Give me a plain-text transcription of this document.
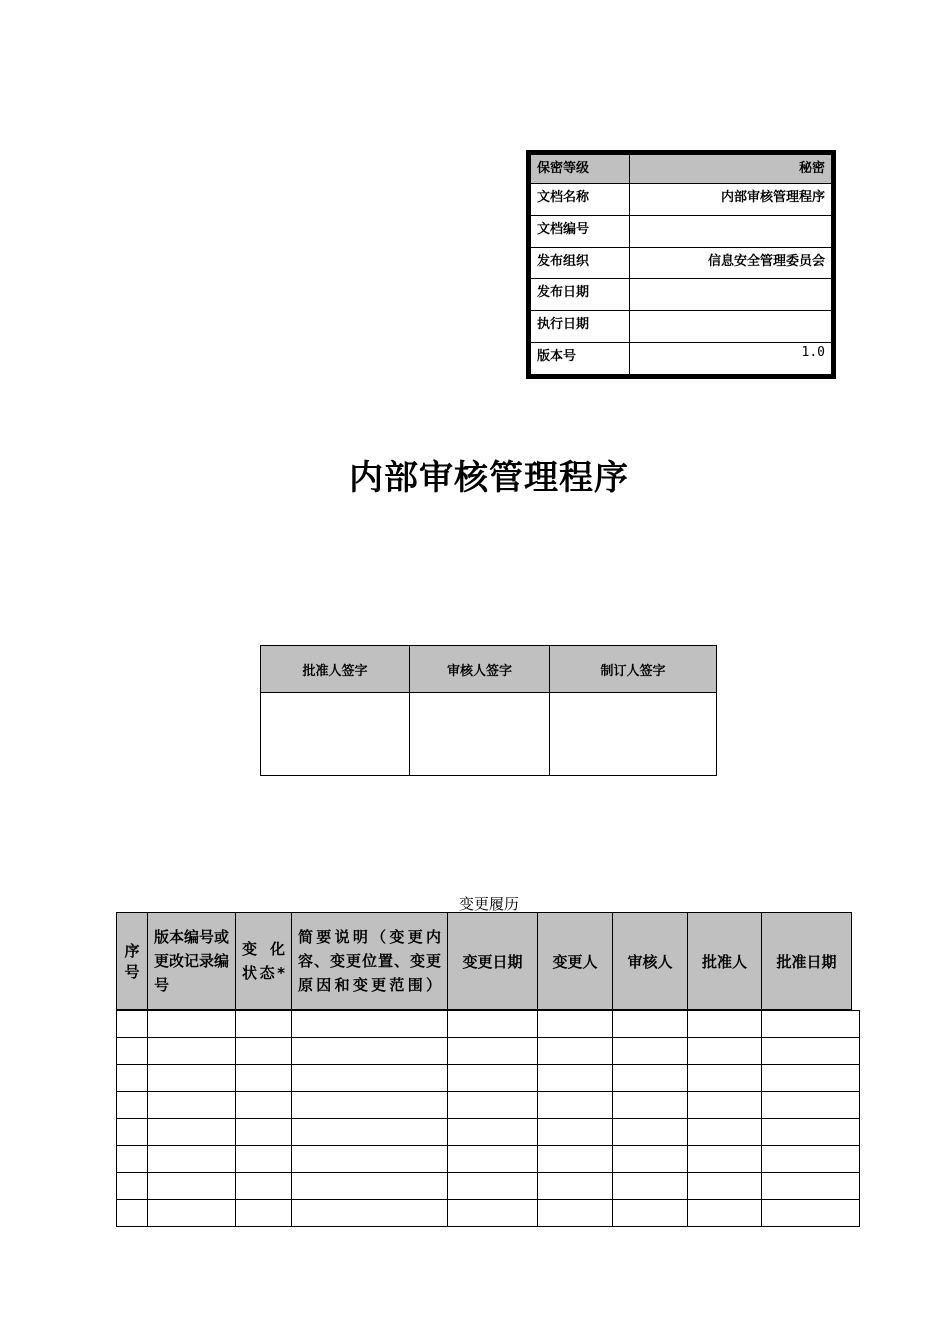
保密等级	秘密
文档名称	内部审核管理程序
文档编号	
发布组织	信息安全管理委员会
发布日期	
执行日期	
版本号	1.0
内部审核管理程序
批准人签字	审核人签字	制订人签字

变更履历
序号	版本编号或更改记录编号	变化状态*	简要说明（变更内容、变更位置、变更原因和变更范围）	变更日期	变更人	审核人	批准人	批准日期
